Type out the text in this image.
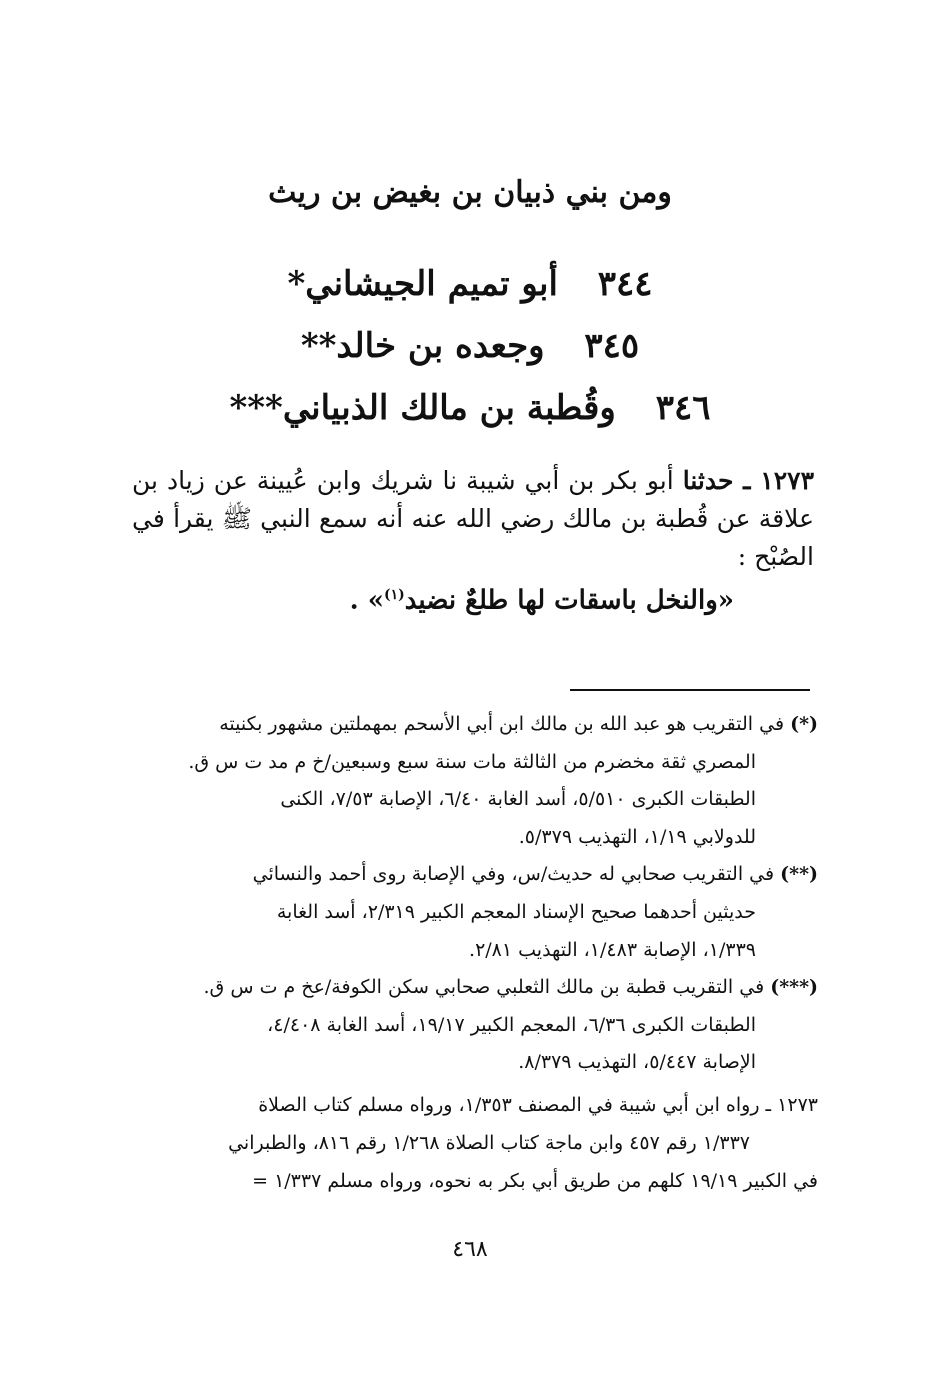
ومن بني ذبيان بن بغيض بن ريث
٣٤٤ أبو تميم الجيشاني*
٣٤٥ وجعده بن خالد**
٣٤٦ وقُطبة بن مالك الذبياني***
١٢٧٣ ـ حدثنا أبو بكر بن أبي شيبة نا شريك وابن عُيينة عن زياد بن علاقة عن قُطبة بن مالك رضي الله عنه أنه سمع النبي ﷺ يقرأ في الصُبْح :
«والنخل باسقات لها طلعٌ نضيد$^{(١)}$» .
(*) في التقريب هو عبد الله بن مالك ابن أبي الأسحم بمهملتين مشهور بكنيته
المصري ثقة مخضرم من الثالثة مات سنة سبع وسبعين/خ م مد ت س ق.
الطبقات الكبرى ٥/٥١٠، أسد الغابة ٦/٤٠، الإصابة ٧/٥٣، الكنى
للدولابي ١/١٩، التهذيب ٥/٣٧٩.
(**) في التقريب صحابي له حديث/س، وفي الإصابة روى أحمد والنسائي
حديثين أحدهما صحيح الإسناد المعجم الكبير ٢/٣١٩، أسد الغابة
١/٣٣٩، الإصابة ١/٤٨٣، التهذيب ٢/٨١.
(***) في التقريب قطبة بن مالك الثعلبي صحابي سكن الكوفة/عخ م ت س ق.
الطبقات الكبرى ٦/٣٦، المعجم الكبير ١٩/١٧، أسد الغابة ٤/٤٠٨،
الإصابة ٥/٤٤٧، التهذيب ٨/٣٧٩.
١٢٧٣ ـ رواه ابن أبي شيبة في المصنف ١/٣٥٣، ورواه مسلم كتاب الصلاة
١/٣٣٧ رقم ٤٥٧ وابن ماجة كتاب الصلاة ١/٢٦٨ رقم ٨١٦، والطبراني
في الكبير ١٩/١٩ كلهم من طريق أبي بكر به نحوه، ورواه مسلم ١/٣٣٧ =
٤٦٨
